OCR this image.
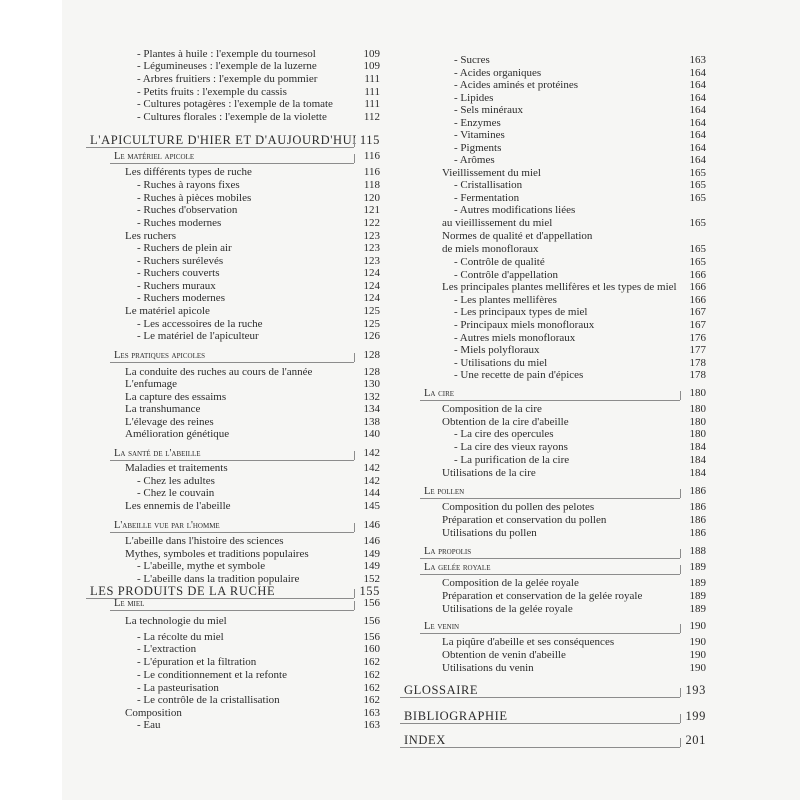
- Plantes à huile : l'exemple du tournesol	109
- Légumineuses : l'exemple de la luzerne	109
- Arbres fruitiers : l'exemple du pommier	111
- Petits fruits : l'exemple du cassis	111
- Cultures potagères : l'exemple de la tomate	111
- Cultures florales : l'exemple de la violette	112
L'APICULTURE D'HIER ET D'AUJOURD'HUI 115
Le matériel apicole	116
Les différents types de ruche	116
- Ruches à rayons fixes	118
- Ruches à pièces mobiles	120
- Ruches d'observation	121
- Ruches modernes	122
Les ruchers	123
- Ruchers de plein air	123
- Ruchers surélevés	123
- Ruchers couverts	124
- Ruchers muraux	124
- Ruchers modernes	124
Le matériel apicole	125
- Les accessoires de la ruche	125
- Le matériel de l'apiculteur	126
Les pratiques apicoles	128
La conduite des ruches au cours de l'année	128
L'enfumage	130
La capture des essaims	132
La transhumance	134
L'élevage des reines	138
Amélioration génétique	140
La santé de l'abeille	142
Maladies et traitements	142
- Chez les adultes	142
- Chez le couvain	144
Les ennemis de l'abeille	145
L'abeille vue par l'homme	146
L'abeille dans l'histoire des sciences	146
Mythes, symboles et traditions populaires	149
- L'abeille, mythe et symbole	149
- L'abeille dans la tradition populaire	152
LES PRODUITS DE LA RUCHE	155
Le miel	156
La technologie du miel	156
- La récolte du miel	156
- L'extraction	160
- L'épuration et la filtration	162
- Le conditionnement et la refonte	162
- La pasteurisation	162
- Le contrôle de la cristallisation	162
Composition	163
- Eau	163
- Sucres	163
- Acides organiques	164
- Acides aminés et protéines	164
- Lipides	164
- Sels minéraux	164
- Enzymes	164
- Vitamines	164
- Pigments	164
- Arômes	164
Vieillissement du miel	165
- Cristallisation	165
- Fermentation	165
- Autres modifications liées
au vieillissement du miel	165
Normes de qualité et d'appellation
de miels monofloraux	165
- Contrôle de qualité	165
- Contrôle d'appellation	166
Les principales plantes mellifères et les types de miel 166
- Les plantes mellifères	166
- Les principaux types de miel	167
- Principaux miels monofloraux	167
- Autres miels monofloraux	176
- Miels polyfloraux	177
- Utilisations du miel	178
- Une recette de pain d'épices	178
La cire	180
Composition de la cire	180
Obtention de la cire d'abeille	180
- La cire des opercules	180
- La cire des vieux rayons	184
- La purification de la cire	184
Utilisations de la cire	184
Le pollen	186
Composition du pollen des pelotes	186
Préparation et conservation du pollen	186
Utilisations du pollen	186
La propolis	188
La gelée royale	189
Composition de la gelée royale	189
Préparation et conservation de la gelée royale	189
Utilisations de la gelée royale	189
Le venin	190
La piqûre d'abeille et ses conséquences	190
Obtention de venin d'abeille	190
Utilisations du venin	190
GLOSSAIRE	193
BIBLIOGRAPHIE	199
INDEX	201
